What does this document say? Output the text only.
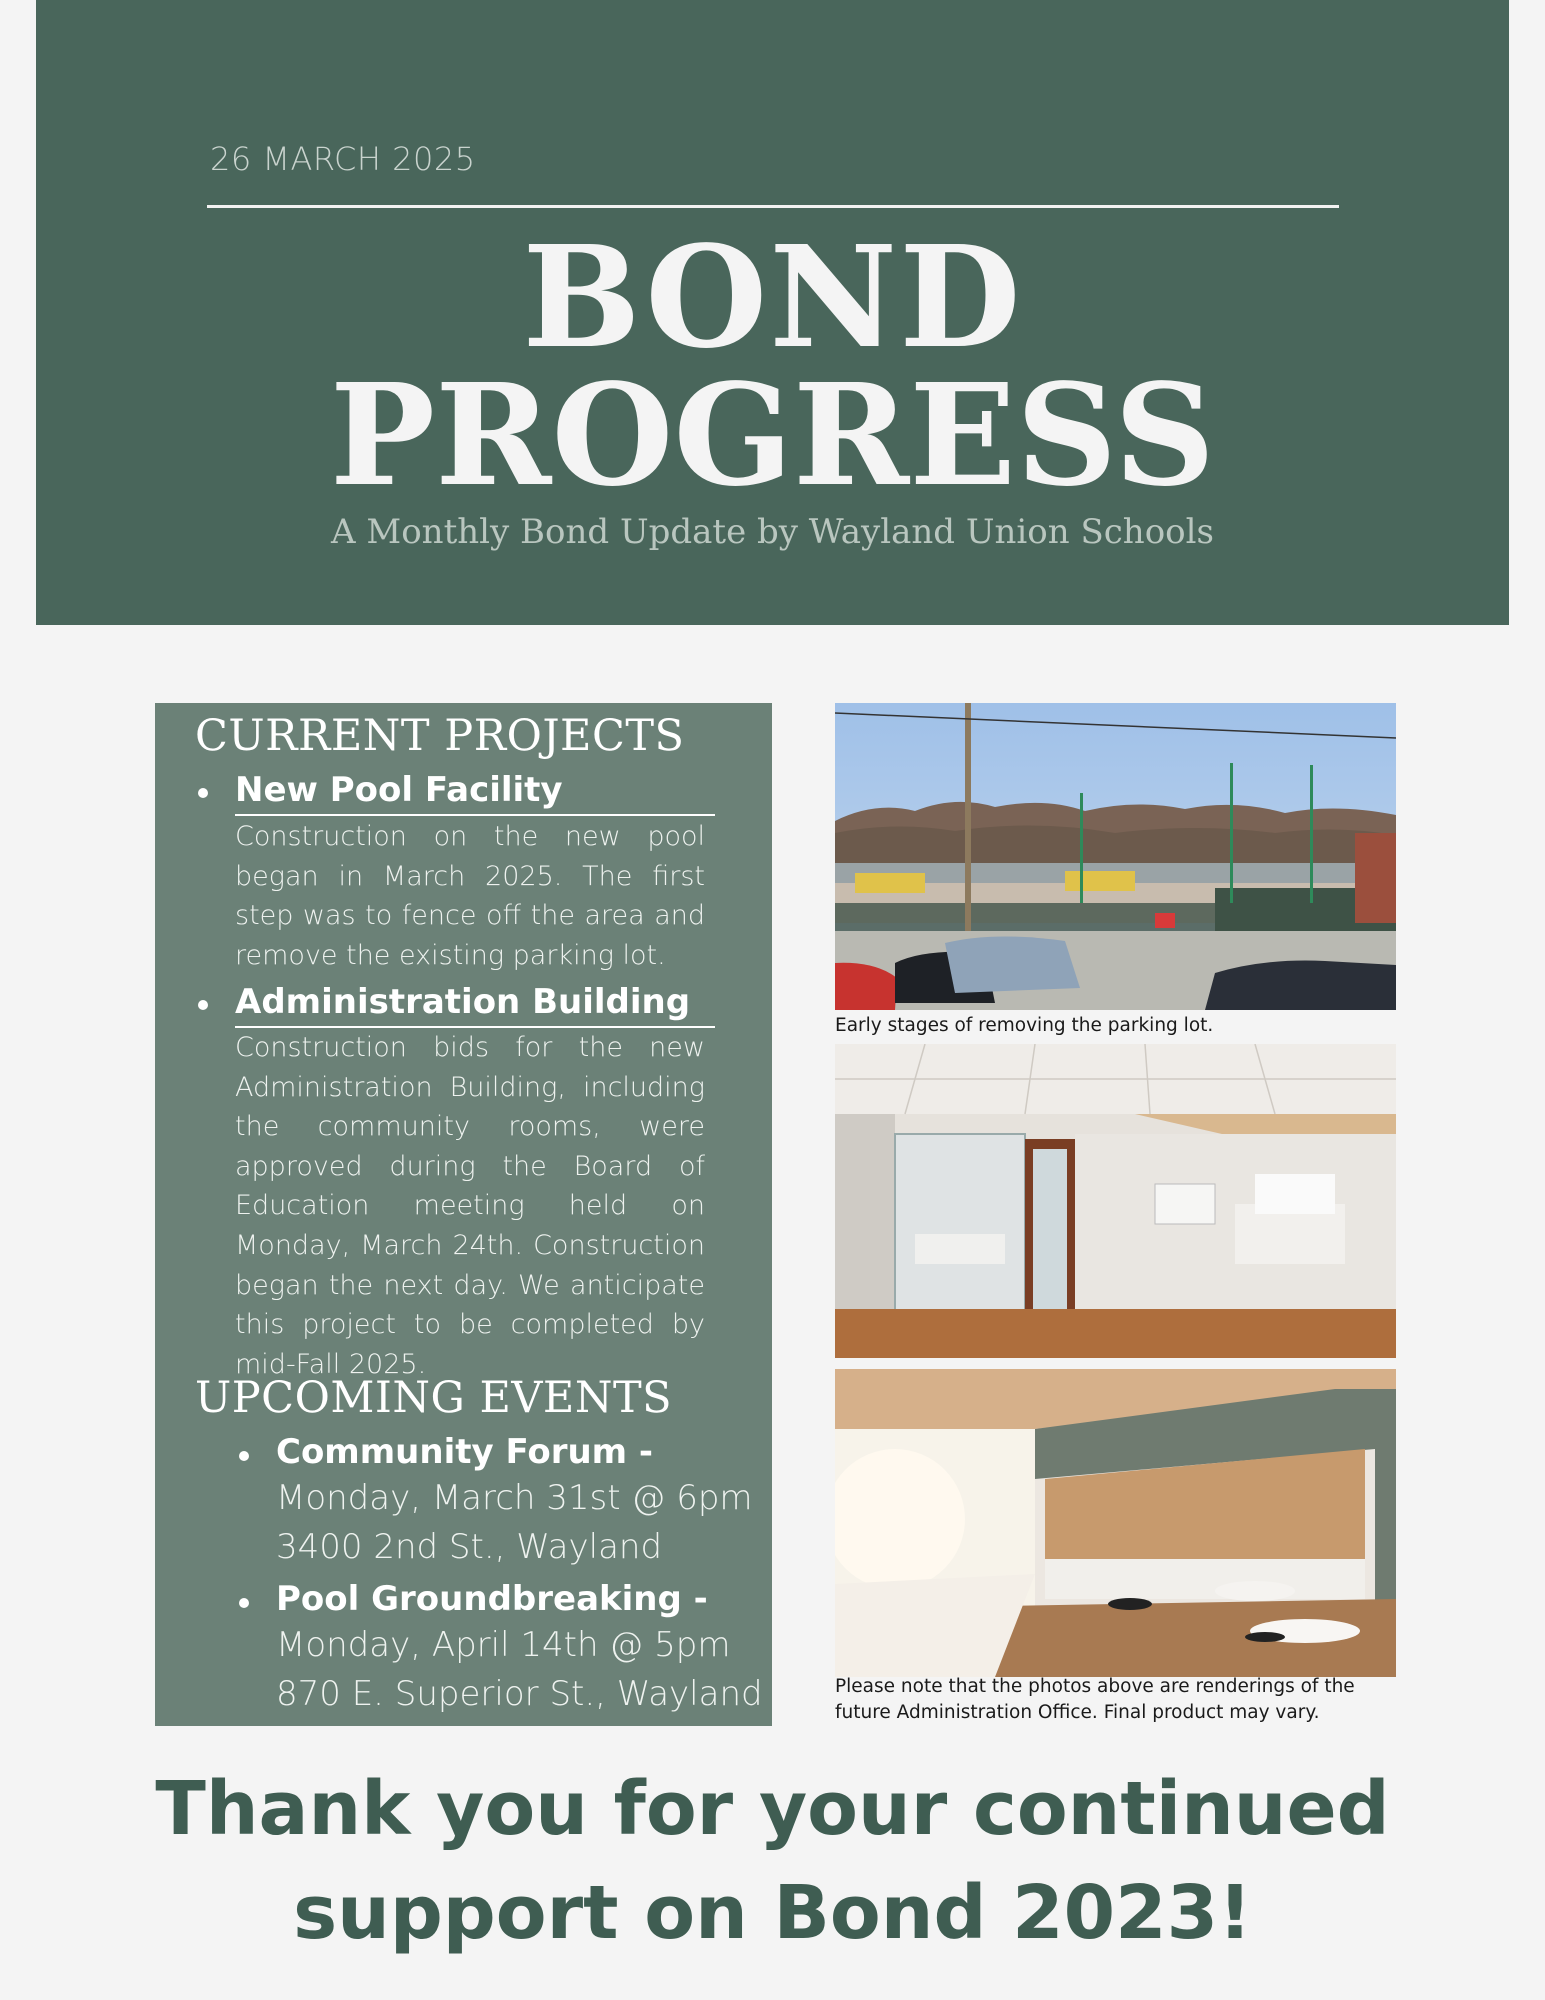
26 MARCH 2025
BOND
PROGRESS
A Monthly Bond Update by Wayland Union Schools
CURRENT PROJECTS
New Pool Facility
Construction on the new pool began in March 2025. The first step was to fence off the area and remove the existing parking lot.
Administration Building
Construction bids for the new Administration Building, including the community rooms, were approved during the Board of Education meeting held on Monday, March 24th. Construction began the next day. We anticipate this project to be completed by mid-Fall 2025.
UPCOMING EVENTS
Community Forum -
Monday, March 31st @ 6pm
3400 2nd St., Wayland
Pool Groundbreaking -
Monday, April 14th @ 5pm
870 E. Superior St., Wayland
Early stages of removing the parking lot.
Please note that the photos above are renderings of the
future Administration Office. Final product may vary.
Thank you for your continued
support on Bond 2023!
